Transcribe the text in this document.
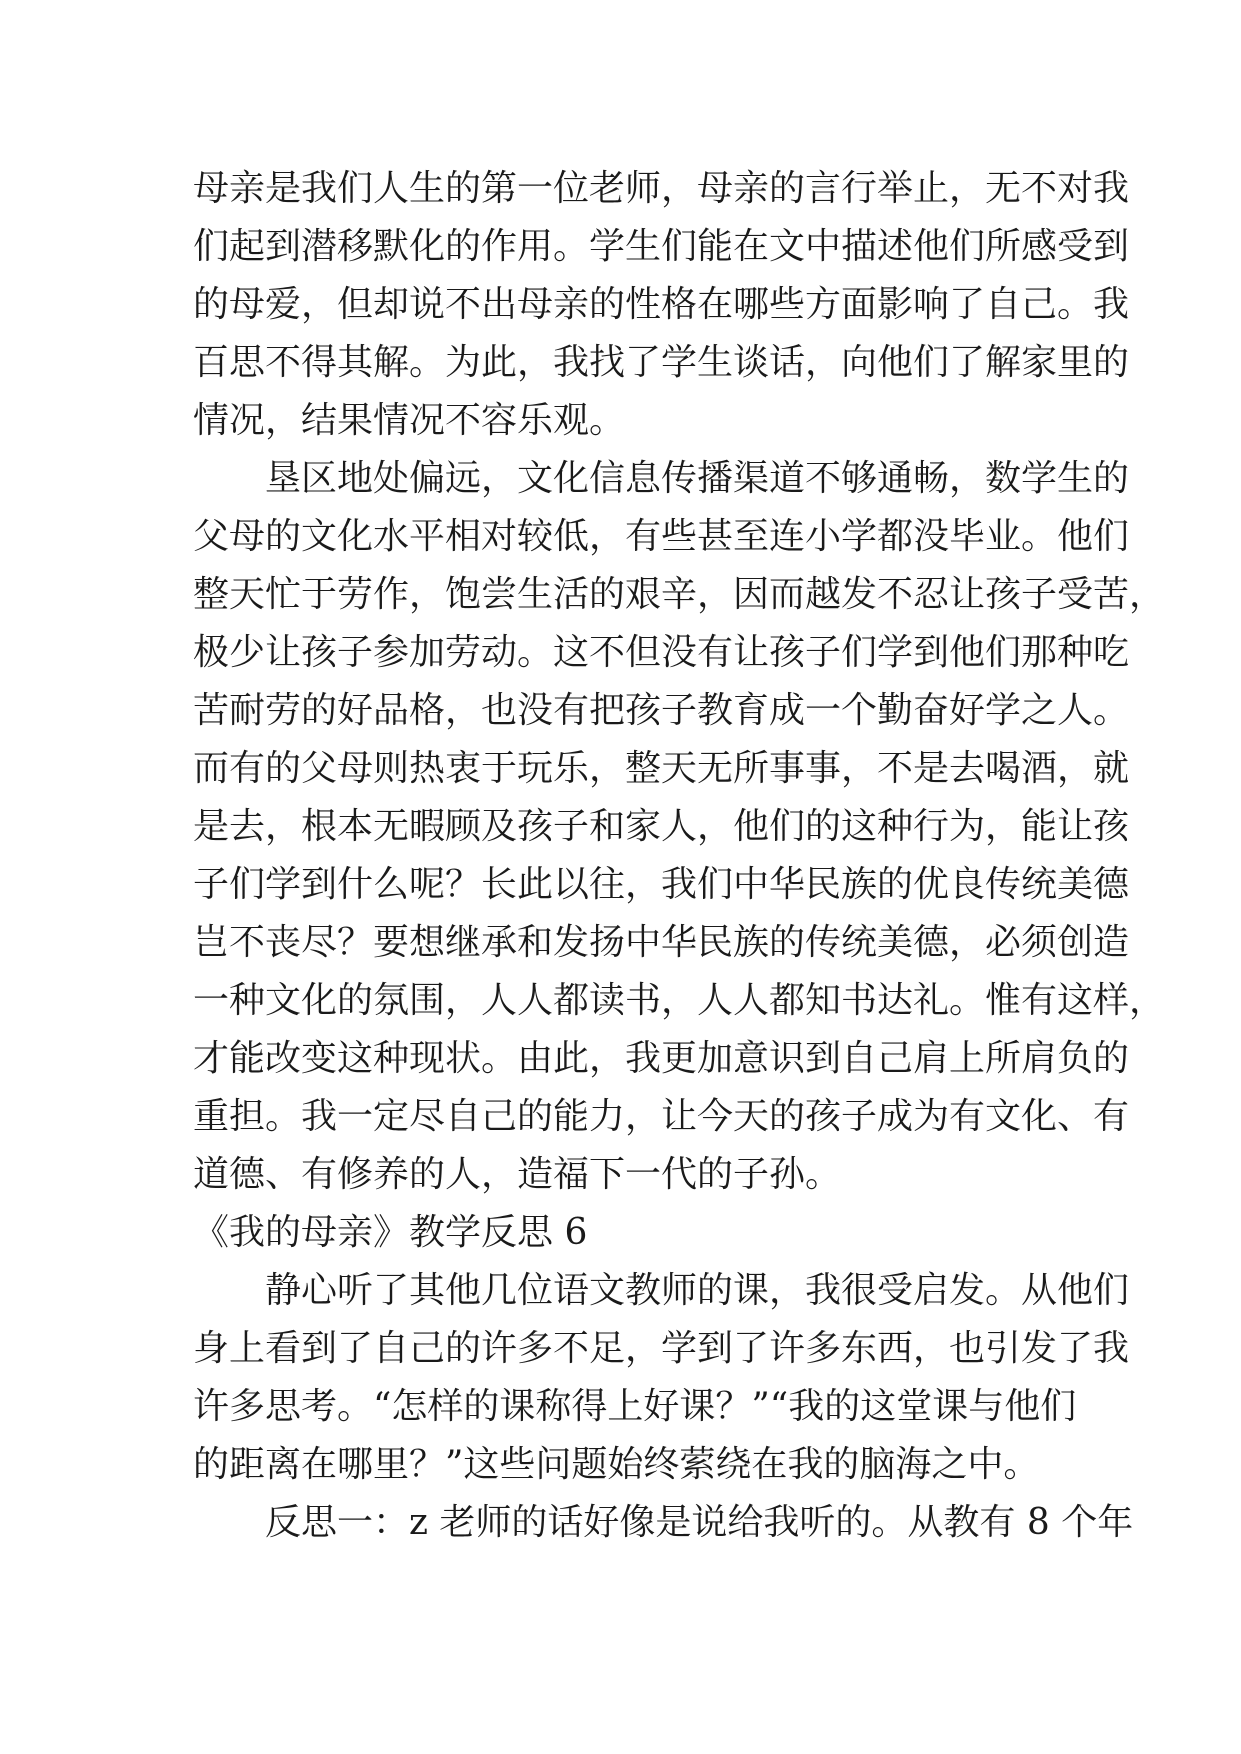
母亲是我们人生的第一位老师，母亲的言行举止，无不对我
们起到潜移默化的作用。学生们能在文中描述他们所感受到
的母爱，但却说不出母亲的性格在哪些方面影响了自己。我
百思不得其解。为此，我找了学生谈话，向他们了解家里的
情况，结果情况不容乐观。
垦区地处偏远，文化信息传播渠道不够通畅，数学生的
父母的文化水平相对较低，有些甚至连小学都没毕业。他们
整天忙于劳作，饱尝生活的艰辛，因而越发不忍让孩子受苦，
极少让孩子参加劳动。这不但没有让孩子们学到他们那种吃
苦耐劳的好品格，也没有把孩子教育成一个勤奋好学之人。
而有的父母则热衷于玩乐，整天无所事事，不是去喝酒，就
是去，根本无暇顾及孩子和家人，他们的这种行为，能让孩
子们学到什么呢？长此以往，我们中华民族的优良传统美德
岂不丧尽？要想继承和发扬中华民族的传统美德，必须创造
一种文化的氛围，人人都读书，人人都知书达礼。惟有这样，
才能改变这种现状。由此，我更加意识到自己肩上所肩负的
重担。我一定尽自己的能力，让今天的孩子成为有文化、有
道德、有修养的人，造福下一代的子孙。
《我的母亲》教学反思 6
静心听了其他几位语文教师的课，我很受启发。从他们
身上看到了自己的许多不足，学到了许多东西，也引发了我
许多思考。“怎样的课称得上好课？”“我的这堂课与他们
的距离在哪里？”这些问题始终萦绕在我的脑海之中。
反思一：z 老师的话好像是说给我听的。从教有 8 个年
